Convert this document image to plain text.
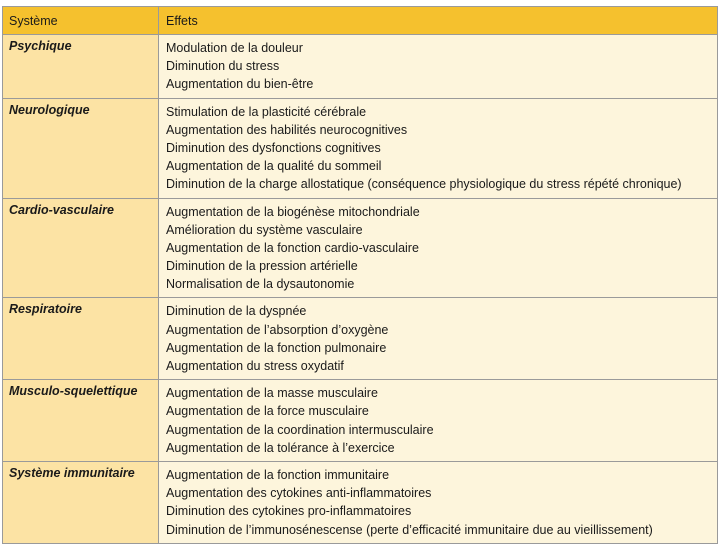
Système	Effets
Psychique	Modulation de la douleur
Diminution du stress
Augmentation du bien-être
Neurologique	Stimulation de la plasticité cérébrale
Augmentation des habilités neurocognitives
Diminution des dysfonctions cognitives
Augmentation de la qualité du sommeil
Diminution de la charge allostatique (conséquence physiologique du stress répété chronique)
Cardio-vasculaire	Augmentation de la biogénèse mitochondriale
Amélioration du système vasculaire
Augmentation de la fonction cardio-vasculaire
Diminution de la pression artérielle
Normalisation de la dysautonomie
Respiratoire	Diminution de la dyspnée
Augmentation de l’absorption d’oxygène
Augmentation de la fonction pulmonaire
Augmentation du stress oxydatif
Musculo-squelettique	Augmentation de la masse musculaire
Augmentation de la force musculaire
Augmentation de la coordination intermusculaire
Augmentation de la tolérance à l’exercice
Système immunitaire	Augmentation de la fonction immunitaire
Augmentation des cytokines anti-inflammatoires
Diminution des cytokines pro-inflammatoires
Diminution de l’immunosénescense (perte d’efficacité immunitaire due au vieillissement)
